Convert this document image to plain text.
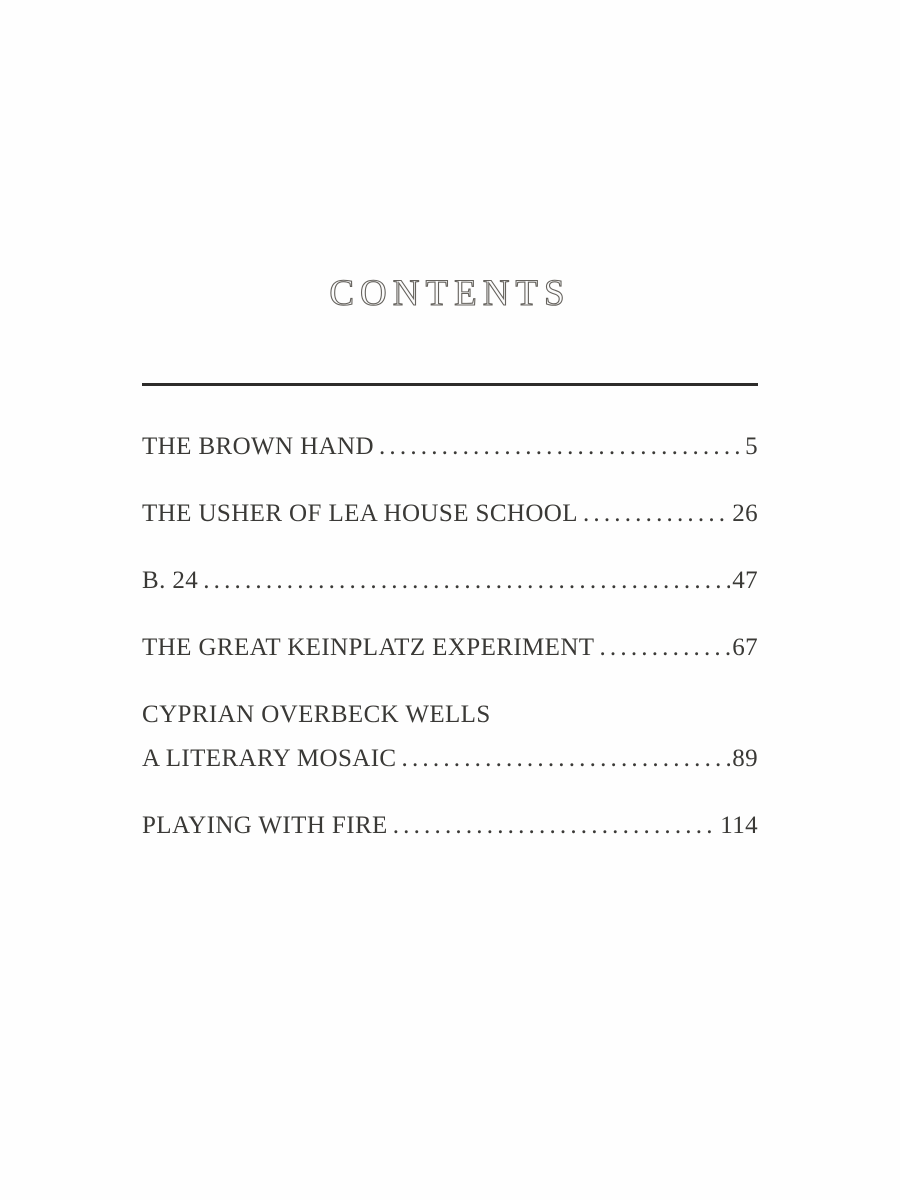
CONTENTS
THE BROWN HAND .....	5
THE USHER OF LEA HOUSE SCHOOL .....	26
B. 24 .....	47
THE GREAT KEINPLATZ EXPERIMENT .....	67
CYPRIAN OVERBECK WELLS
A LITERARY MOSAIC .....	89
PLAYING WITH FIRE .....	114
